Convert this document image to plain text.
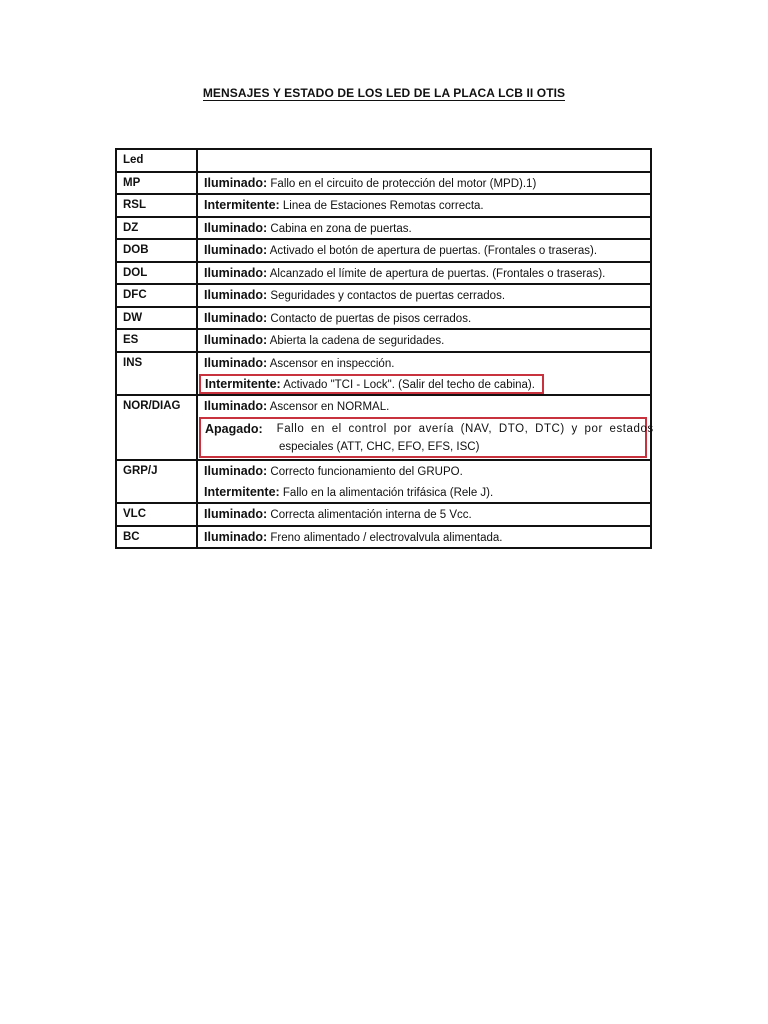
MENSAJES Y ESTADO DE LOS LED DE LA PLACA LCB II OTIS
Led	
MP	Iluminado: Fallo en el circuito de protección del motor (MPD).1)

RSL	Intermitente: Linea de Estaciones Remotas correcta.

DZ	Iluminado: Cabina en zona de puertas.

DOB	Iluminado: Activado el botón de apertura de puertas. (Frontales o traseras).

DOL	Iluminado: Alcanzado el límite de apertura de puertas. (Frontales o traseras).

DFC	Iluminado: Seguridades y contactos de puertas cerrados.

DW	Iluminado: Contacto de puertas de pisos cerrados.

ES	Iluminado: Abierta la cadena de seguridades.

INS	Iluminado: Ascensor en inspección.
Intermitente: Activado "TCI - Lock". (Salir del techo de cabina).

NOR/DIAG	Iluminado: Ascensor en NORMAL.
Apagado: Fallo en el control por avería (NAV, DTO, DTC) y por estados
especiales (ATT, CHC, EFO, EFS, ISC)

GRP/J	Iluminado: Correcto funcionamiento del GRUPO.
Intermitente: Fallo en la alimentación trifásica (Rele J).

VLC	Iluminado: Correcta alimentación interna de 5 Vcc.

BC	Iluminado: Freno alimentado / electrovalvula alimentada.
